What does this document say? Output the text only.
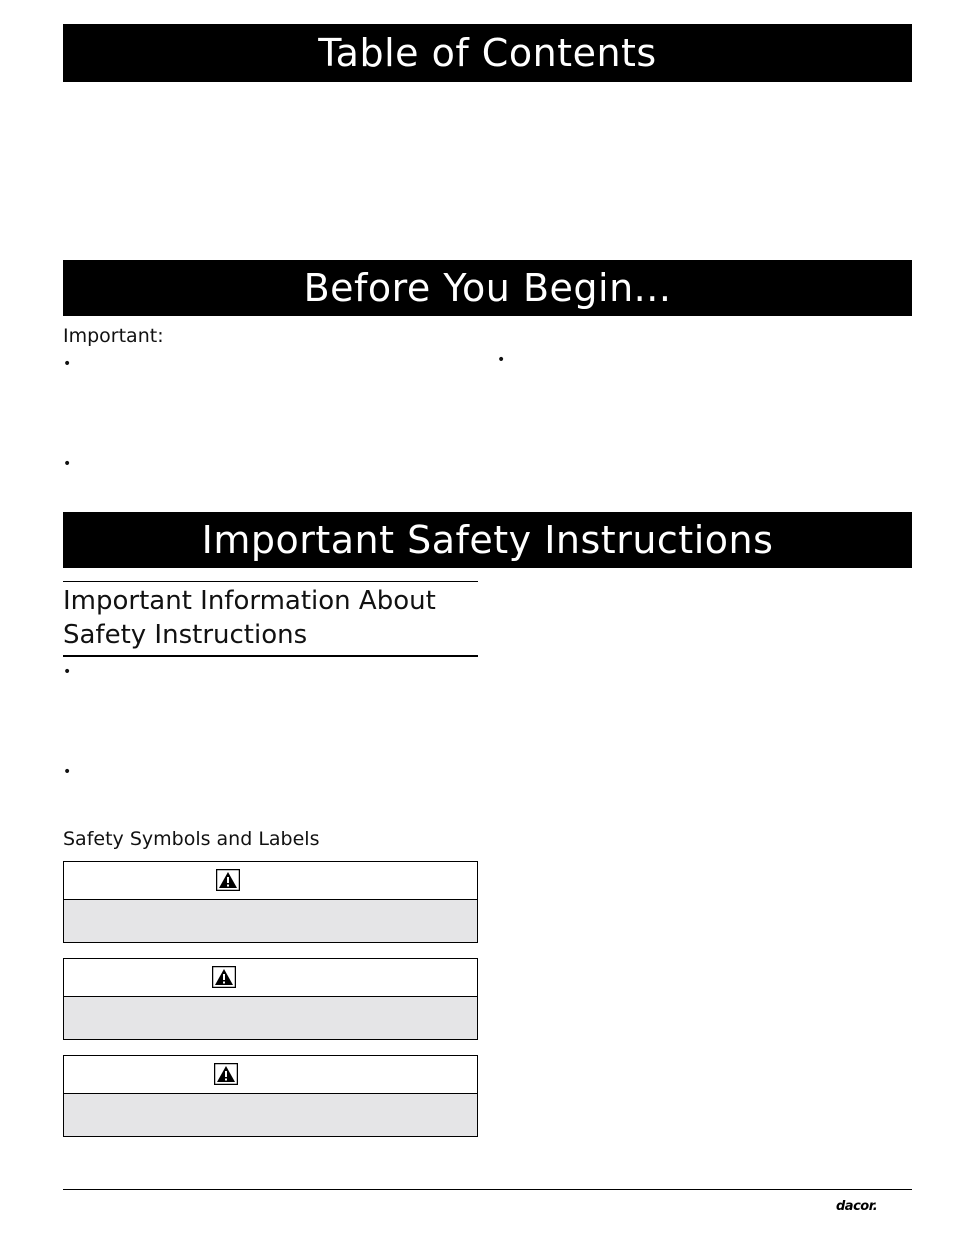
Table of Contents
Before You Begin...
Important:
•	•
•
Important Safety Instructions
Important Information About
Safety Instructions
•
•
Safety Symbols and Labels
dacor.
